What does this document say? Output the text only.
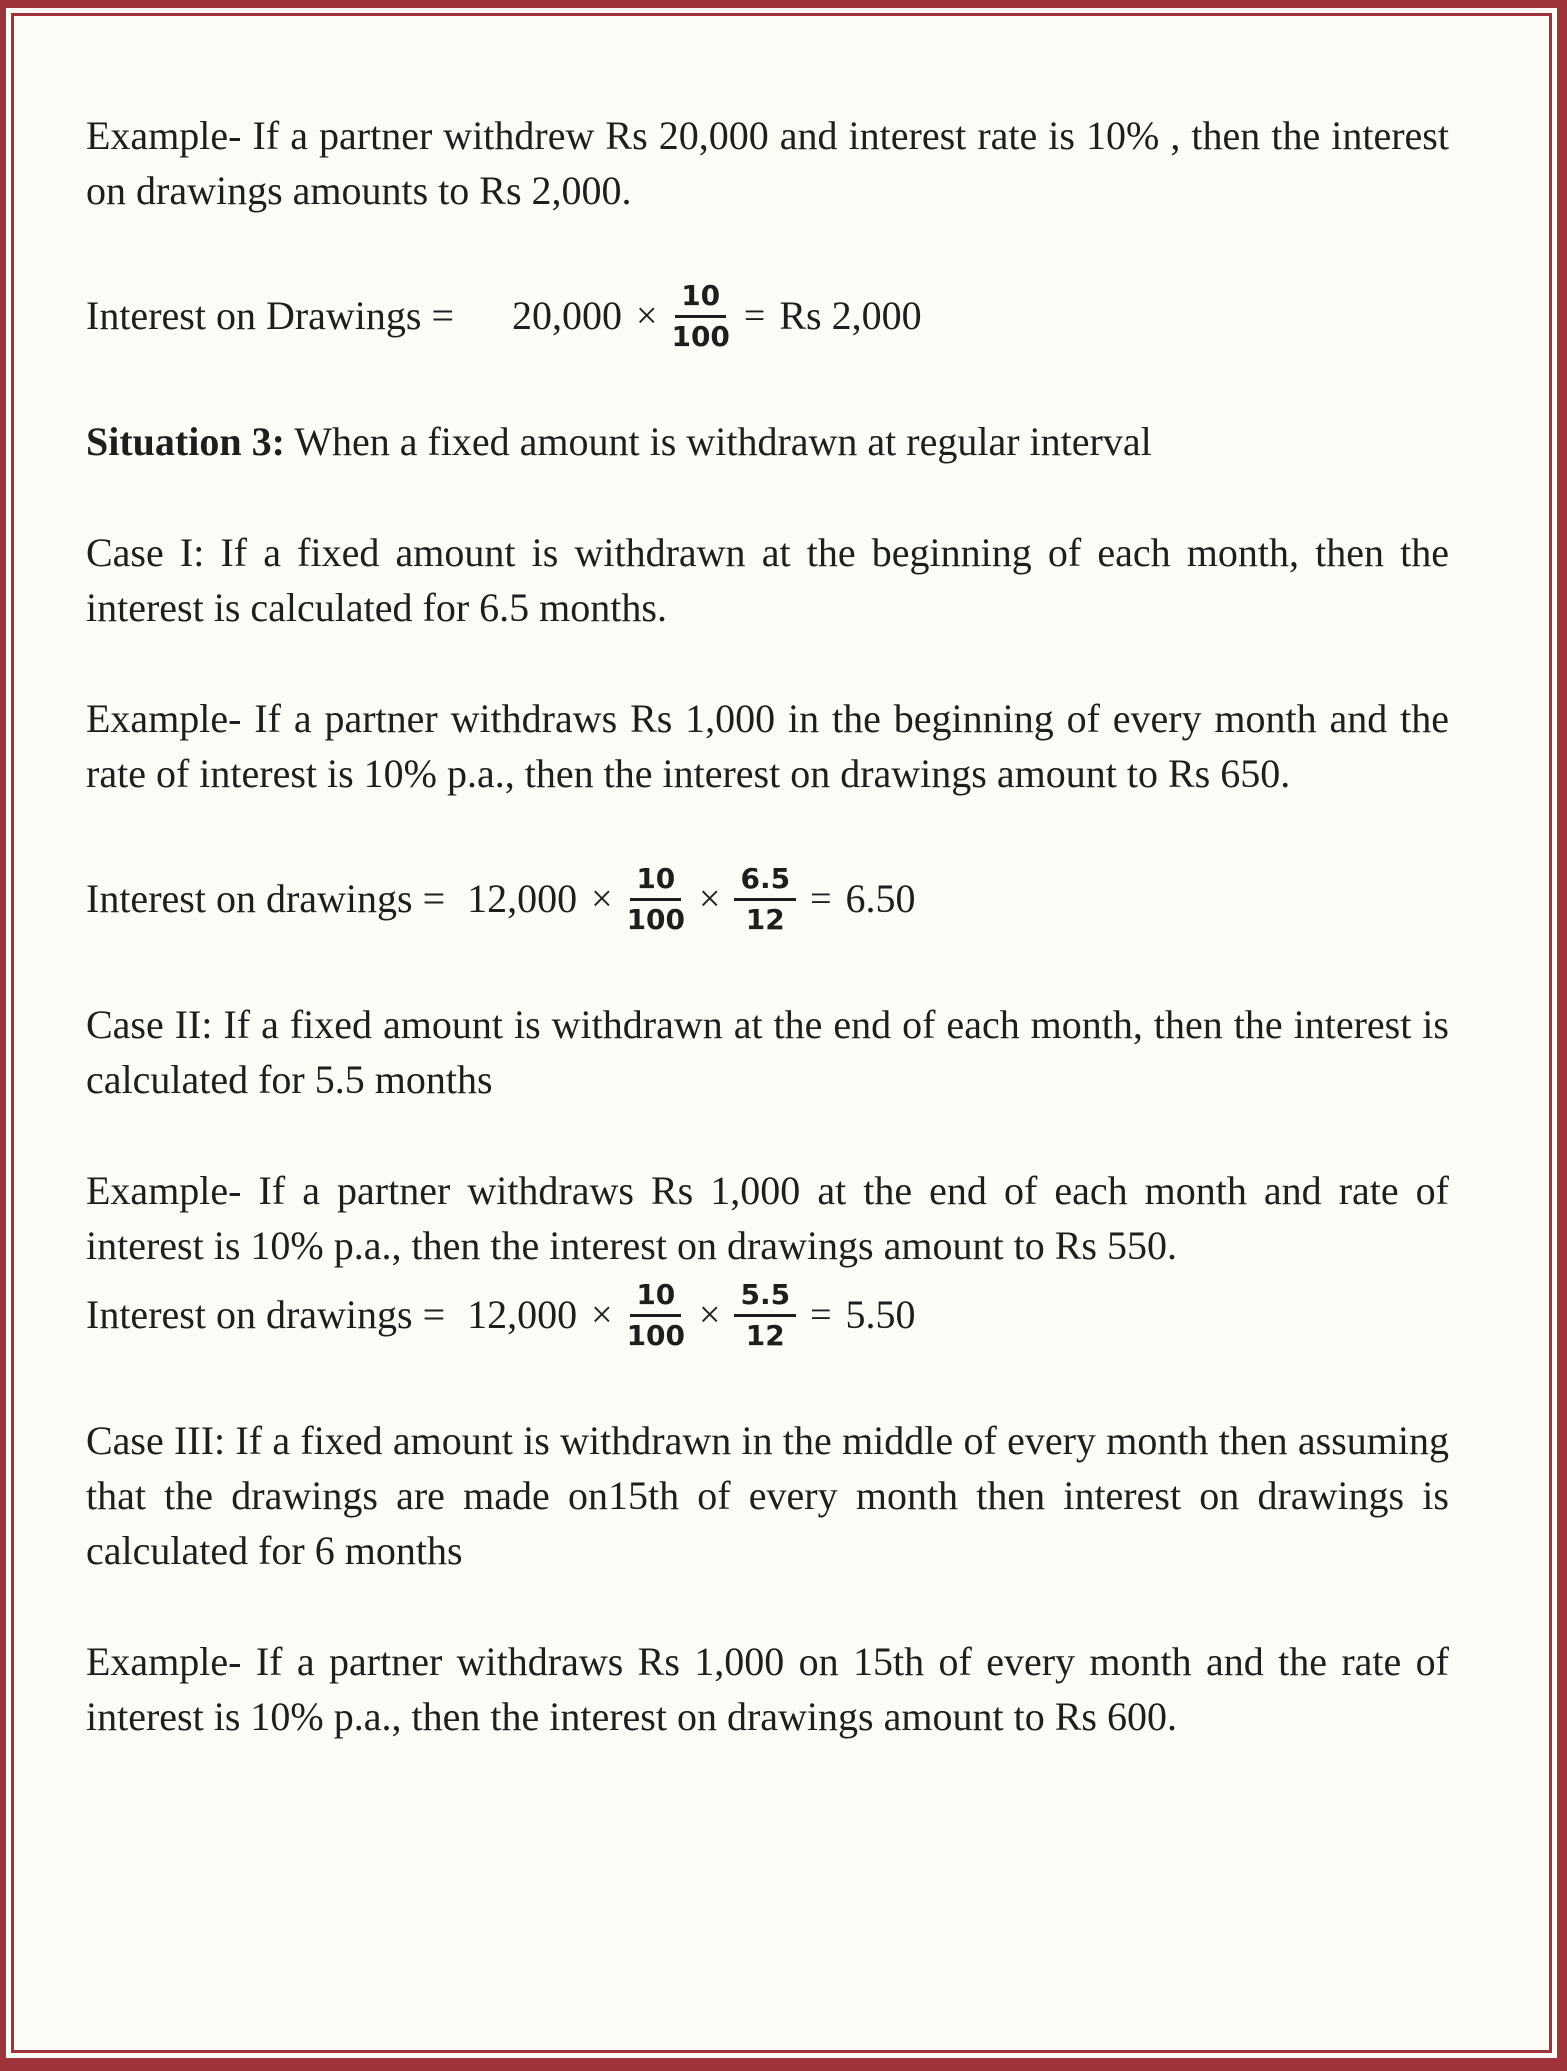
Example- If a partner withdrew Rs 20,000 and interest rate is 10% , then the interest on drawings amounts to Rs 2,000.

Interest on Drawings = $20,000 \times \frac{10}{100} = Rs$ 2,000

Situation 3: When a fixed amount is withdrawn at regular interval

Case I: If a fixed amount is withdrawn at the beginning of each month, then the interest is calculated for 6.5 months.

Example- If a partner withdraws Rs 1,000 in the beginning of every month and the rate of interest is 10% p.a., then the interest on drawings amount to Rs 650.

Interest on drawings = $12,000 \times \frac{10}{100} \times \frac{6.5}{12} = 6.50$

Case II: If a fixed amount is withdrawn at the end of each month, then the interest is calculated for 5.5 months

Example- If a partner withdraws Rs 1,000 at the end of each month and rate of interest is 10% p.a., then the interest on drawings amount to Rs 550.

Interest on drawings = $12,000 \times \frac{10}{100} \times \frac{5.5}{12} = 5.50$

Case III: If a fixed amount is withdrawn in the middle of every month then assuming that the drawings are made on15th of every month then interest on drawings is calculated for 6 months

Example- If a partner withdraws Rs 1,000 on 15th of every month and the rate of interest is 10% p.a., then the interest on drawings amount to Rs 600.
